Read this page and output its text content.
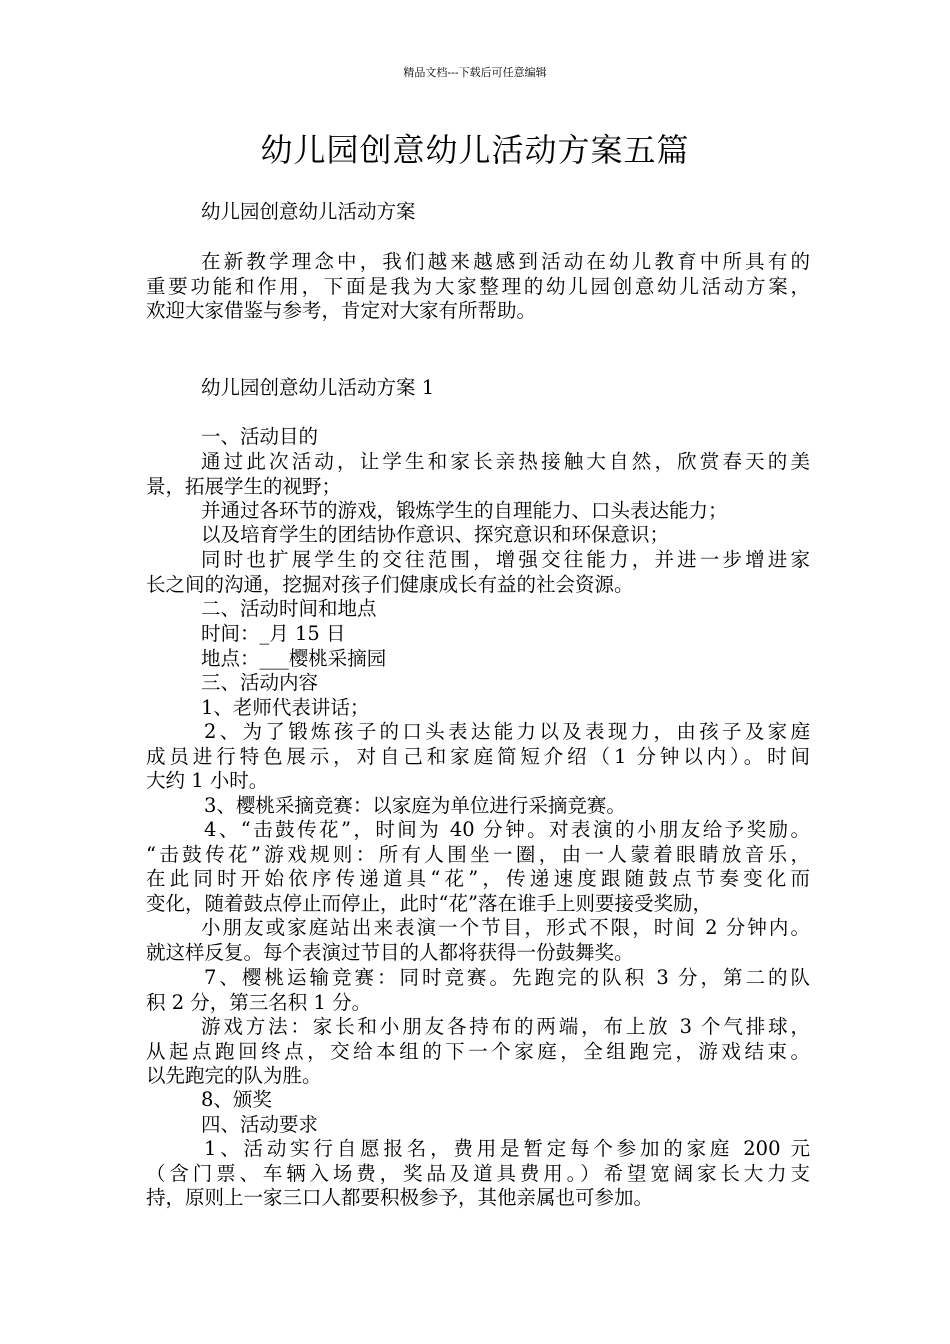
精品文档---下载后可任意编辑
幼儿园创意幼儿活动方案五篇
幼儿园创意幼儿活动方案
在新教学理念中，我们越来越感到活动在幼儿教育中所具有的
重要功能和作用，下面是我为大家整理的幼儿园创意幼儿活动方案，
欢迎大家借鉴与参考，肯定对大家有所帮助。
幼儿园创意幼儿活动方案 1
一、活动目的
通过此次活动，让学生和家长亲热接触大自然，欣赏春天的美
景，拓展学生的视野；
并通过各环节的游戏，锻炼学生的自理能力、口头表达能力；
以及培育学生的团结协作意识、探究意识和环保意识；
同时也扩展学生的交往范围，增强交往能力，并进一步增进家
长之间的沟通，挖掘对孩子们健康成长有益的社会资源。
二、活动时间和地点
时间：_月 15 日
地点：___樱桃采摘园
三、活动内容
1、老师代表讲话；
2、为了锻炼孩子的口头表达能力以及表现力，由孩子及家庭
成员进行特色展示，对自己和家庭简短介绍（1 分钟以内）。时间
大约 1 小时。
3、樱桃采摘竞赛：以家庭为单位进行采摘竞赛。
4、“击鼓传花”，时间为 40 分钟。对表演的小朋友给予奖励。
“击鼓传花”游戏规则：所有人围坐一圈，由一人蒙着眼睛放音乐，
在此同时开始依序传递道具“花”，传递速度跟随鼓点节奏变化而
变化，随着鼓点停止而停止，此时“花”落在谁手上则要接受奖励，
小朋友或家庭站出来表演一个节目，形式不限，时间 2 分钟内。
就这样反复。每个表演过节目的人都将获得一份鼓舞奖。
7、樱桃运输竞赛：同时竞赛。先跑完的队积 3 分，第二的队
积 2 分，第三名积 1 分。
游戏方法：家长和小朋友各持布的两端，布上放 3 个气排球，
从起点跑回终点，交给本组的下一个家庭，全组跑完，游戏结束。
以先跑完的队为胜。
8、颁奖
四、活动要求
1、活动实行自愿报名，费用是暂定每个参加的家庭 200 元
（含门票、车辆入场费，奖品及道具费用。）希望宽阔家长大力支
持，原则上一家三口人都要积极参予，其他亲属也可参加。
